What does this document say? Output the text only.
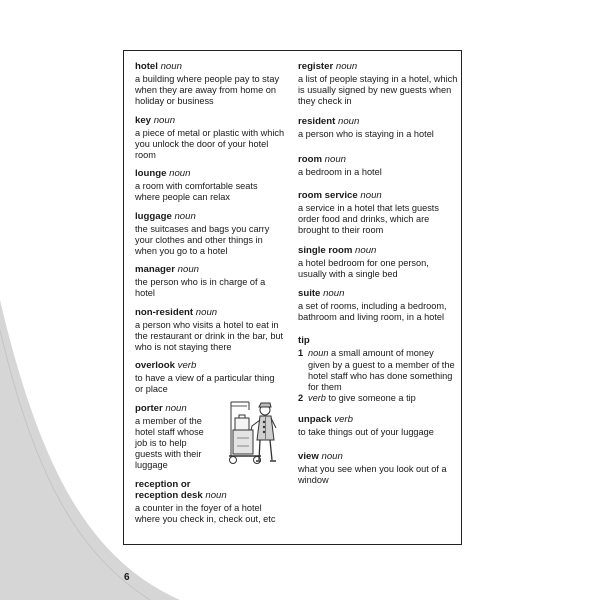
hotel noun
a building where people pay to stay when they are away from home on holiday or business
key noun
a piece of metal or plastic with which you unlock the door of your hotel room
lounge noun
a room with comfortable seats where people can relax
luggage noun
the suitcases and bags you carry your clothes and other things in when you go to a hotel
manager noun
the person who is in charge of a hotel
non-resident noun
a person who visits a hotel to eat in the restaurant or drink in the bar, but who is not staying there
overlook verb
to have a view of a particular thing or place
porter noun
a member of the hotel staff whose job is to help guests with their luggage
reception or reception desk noun
a counter in the foyer of a hotel where you check in, check out, etc
register noun
a list of people staying in a hotel, which is usually signed by new guests when they check in
resident noun
a person who is staying in a hotel
room noun
a bedroom in a hotel
room service noun
a service in a hotel that lets guests order food and drinks, which are brought to their room
single room noun
a hotel bedroom for one person, usually with a single bed
suite noun
a set of rooms, including a bedroom, bathroom and living room, in a hotel
tip
1 noun a small amount of money given by a guest to a member of the hotel staff who has done something for them
2 verb to give someone a tip
unpack verb
to take things out of your luggage
view noun
what you see when you look out of a window
6
